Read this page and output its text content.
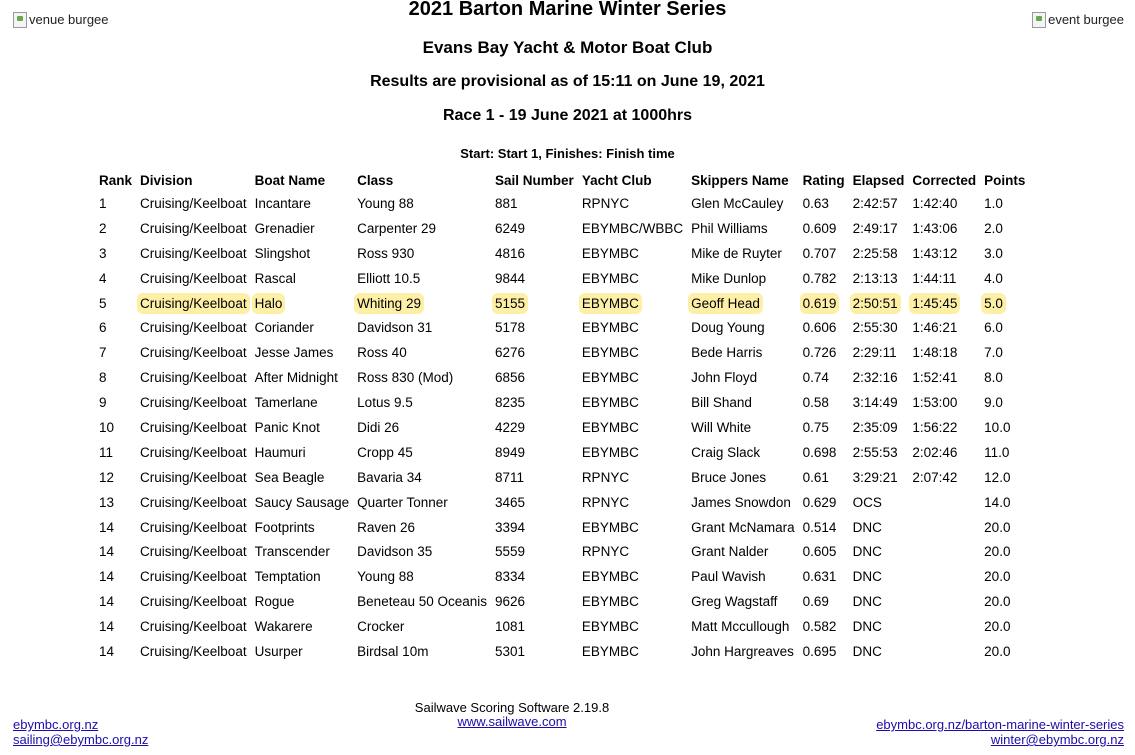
venue burgee	event burgee
2021 Barton Marine Winter Series
Evans Bay Yacht & Motor Boat Club
Results are provisional as of 15:11 on June 19, 2021
Race 1 - 19 June 2021 at 1000hrs
Start: Start 1, Finishes: Finish time
Rank	Division	Boat Name	Class	Sail Number	Yacht Club	Skippers Name	Rating	Elapsed	Corrected	Points
1	Cruising/Keelboat	Incantare	Young 88	881	RPNYC	Glen McCauley	0.63	2:42:57	1:42:40	1.0
2	Cruising/Keelboat	Grenadier	Carpenter 29	6249	EBYMBC/WBBC	Phil Williams	0.609	2:49:17	1:43:06	2.0
3	Cruising/Keelboat	Slingshot	Ross 930	4816	EBYMBC	Mike de Ruyter	0.707	2:25:58	1:43:12	3.0
4	Cruising/Keelboat	Rascal	Elliott 10.5	9844	EBYMBC	Mike Dunlop	0.782	2:13:13	1:44:11	4.0
5	Cruising/Keelboat	Halo	Whiting 29	5155	EBYMBC	Geoff Head	0.619	2:50:51	1:45:45	5.0
6	Cruising/Keelboat	Coriander	Davidson 31	5178	EBYMBC	Doug Young	0.606	2:55:30	1:46:21	6.0
7	Cruising/Keelboat	Jesse James	Ross 40	6276	EBYMBC	Bede Harris	0.726	2:29:11	1:48:18	7.0
8	Cruising/Keelboat	After Midnight	Ross 830 (Mod)	6856	EBYMBC	John Floyd	0.74	2:32:16	1:52:41	8.0
9	Cruising/Keelboat	Tamerlane	Lotus 9.5	8235	EBYMBC	Bill Shand	0.58	3:14:49	1:53:00	9.0
10	Cruising/Keelboat	Panic Knot	Didi 26	4229	EBYMBC	Will White	0.75	2:35:09	1:56:22	10.0
11	Cruising/Keelboat	Haumuri	Cropp 45	8949	EBYMBC	Craig Slack	0.698	2:55:53	2:02:46	11.0
12	Cruising/Keelboat	Sea Beagle	Bavaria 34	8711	RPNYC	Bruce Jones	0.61	3:29:21	2:07:42	12.0
13	Cruising/Keelboat	Saucy Sausage	Quarter Tonner	3465	RPNYC	James Snowdon	0.629	OCS		14.0
14	Cruising/Keelboat	Footprints	Raven 26	3394	EBYMBC	Grant McNamara	0.514	DNC		20.0
14	Cruising/Keelboat	Transcender	Davidson 35	5559	RPNYC	Grant Nalder	0.605	DNC		20.0
14	Cruising/Keelboat	Temptation	Young 88	8334	EBYMBC	Paul Wavish	0.631	DNC		20.0
14	Cruising/Keelboat	Rogue	Beneteau 50 Oceanis	9626	EBYMBC	Greg Wagstaff	0.69	DNC		20.0
14	Cruising/Keelboat	Wakarere	Crocker	1081	EBYMBC	Matt Mccullough	0.582	DNC		20.0
14	Cruising/Keelboat	Usurper	Birdsal 10m	5301	EBYMBC	John Hargreaves	0.695	DNC		20.0
Sailwave Scoring Software 2.19.8
www.sailwave.com
ebymbc.org.nz
sailing@ebymbc.org.nz
ebymbc.org.nz/barton-marine-winter-series
winter@ebymbc.org.nz
